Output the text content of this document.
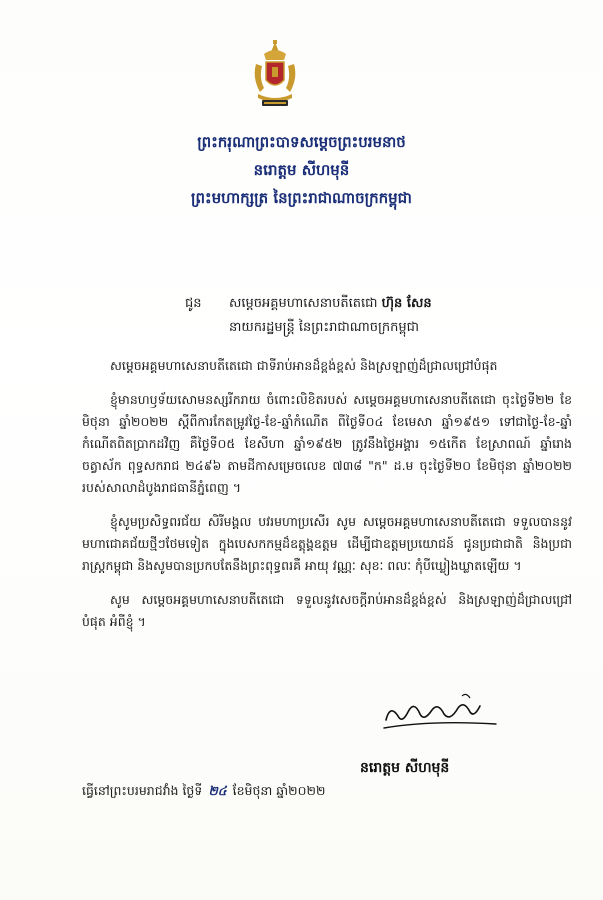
ព្រះករុណាព្រះបាទសម្តេចព្រះបរមនាថ
នរោត្តម សីហមុនី
ព្រះមហាក្សត្រ នៃព្រះរាជាណាចក្រកម្ពុជា
ជូន សម្តេចអគ្គមហាសេនាបតីតេជោ ហ៊ុន សែន
នាយករដ្ឋមន្ត្រី នៃព្រះរាជាណាចក្រកម្ពុជា

សម្តេចអគ្គមហាសេនាបតីតេជោ ជាទីរាប់អានដ៏ខ្ពង់ខ្ពស់ និងស្រឡាញ់ដ៏ជ្រាលជ្រៅបំផុត

ខ្ញុំមានហឫទ័យសោមនស្សរីករាយ ចំពោះលិខិតរបស់ សម្តេចអគ្គមហាសេនាបតីតេជោ ចុះថ្ងៃទី២២ ខែមិថុនា ឆ្នាំ២០២២ ស្តីពីការកែតម្រូវថ្ងៃ-ខែ-ឆ្នាំកំណើត ពីថ្ងៃទី០៤ ខែមេសា ឆ្នាំ១៩៥១ ទៅជាថ្ងៃ-ខែ-ឆ្នាំកំណើតពិតប្រាកដវិញ គឺថ្ងៃទី០៥ ខែសីហា ឆ្នាំ១៩៥២ ត្រូវនឹងថ្ងៃអង្គារ ១៥កើត ខែស្រាពណ៍ ឆ្នាំរោង ចត្វាស័ក ពុទ្ធសករាជ ២៤៩៦ តាមដីកាសម្រេចលេខ ៧៣៨ "ក" ដ.ម ចុះថ្ងៃទី២០ ខែមិថុនា ឆ្នាំ២០២២ របស់សាលាដំបូងរាជធានីភ្នំពេញ ។

ខ្ញុំសូមប្រសិទ្ធពរជ័យ សិរីមង្គល បវរមហាប្រសើរ សូម សម្តេចអគ្គមហាសេនាបតីតេជោ ទទួលបាននូវមហាជោគជ័យថ្មីៗថែមទៀត ក្នុងបេសកកម្មដ៏ឧត្តុង្គឧត្តម ដើម្បីជាឧត្តមប្រយោជន៍ ជូនប្រជាជាតិ និងប្រជារាស្ត្រកម្ពុជា និងសូមបានប្រកបតែនឹងព្រះពុទ្ធពរគឺ អាយុ វណ្ណៈ សុខៈ ពលៈ កុំបីឃ្លៀងឃ្លាតឡើយ ។

សូម សម្តេចអគ្គមហាសេនាបតីតេជោ ទទួលនូវសេចក្តីរាប់អានដ៏ខ្ពង់ខ្ពស់ និងស្រឡាញ់ដ៏ជ្រាលជ្រៅបំផុត អំពីខ្ញុំ ។

នរោត្តម សីហមុនី
ធ្វើនៅព្រះបរមរាជវាំង ថ្ងៃទី ២៤ ខែមិថុនា ឆ្នាំ២០២២
